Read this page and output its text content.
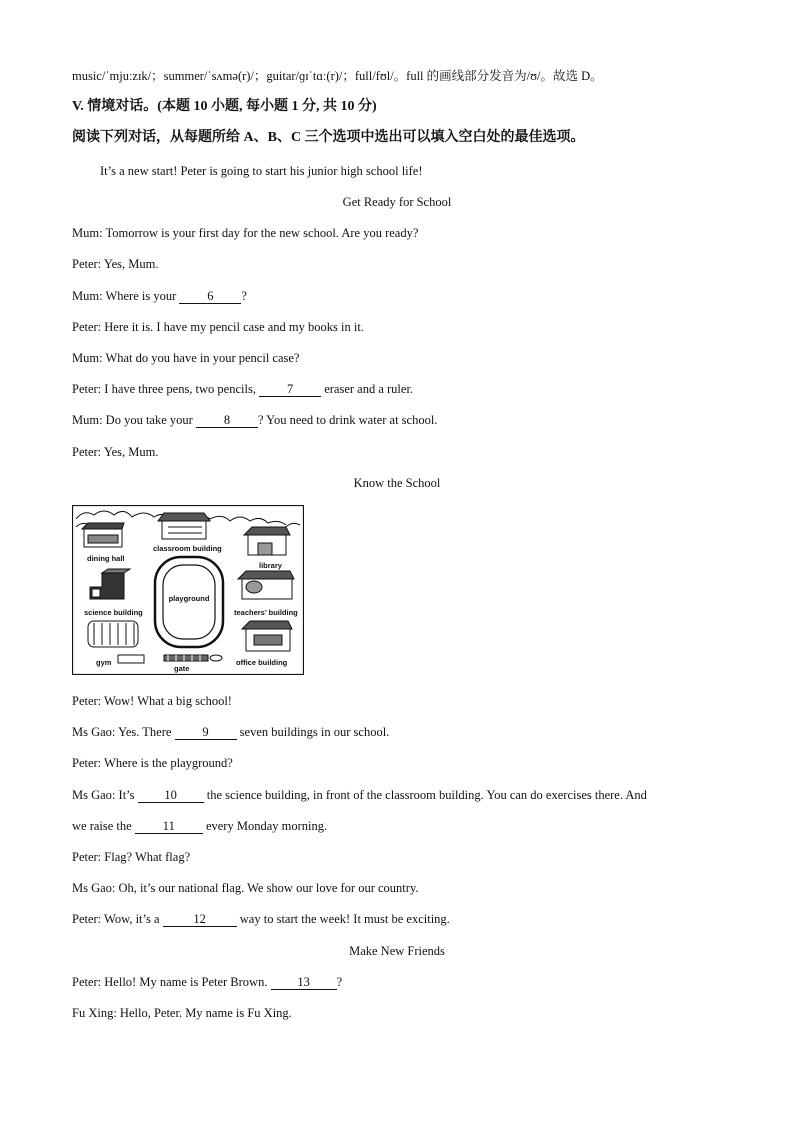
music/ˈmjuːzɪk/；summer/ˈsʌmə(r)/；guitar/ɡɪˈtɑː(r)/；full/fʊl/。full 的画线部分发音为/ʊ/。故选 D。
V. 情境对话。(本题 10 小题, 每小题 1 分, 共 10 分)
阅读下列对话，从每题所给 A、B、C 三个选项中选出可以填入空白处的最佳选项。
It’s a new start! Peter is going to start his junior high school life!
Get Ready for School
Mum: Tomorrow is your first day for the new school. Are you ready?
Peter: Yes, Mum.
Mum: Where is your 6 ?
Peter: Here it is. I have my pencil case and my books in it.
Mum: What do you have in your pencil case?
Peter: I have three pens, two pencils, 7 eraser and a ruler.
Mum: Do you take your 8 ? You need to drink water at school.
Peter: Yes, Mum.
Know the School
classroom building
dining hall
library
playground
science building	teachers’ building
gym
gate
office building
Peter: Wow! What a big school!
Ms Gao: Yes. There 9 seven buildings in our school.
Peter: Where is the playground?
Ms Gao: It’s 10 the science building, in front of the classroom building. You can do exercises there. And
we raise the 11 every Monday morning.
Peter: Flag? What flag?
Ms Gao: Oh, it’s our national flag. We show our love for our country.
Peter: Wow, it’s a 12 way to start the week! It must be exciting.
Make New Friends
Peter: Hello! My name is Peter Brown. 13 ?
Fu Xing: Hello, Peter. My name is Fu Xing.
